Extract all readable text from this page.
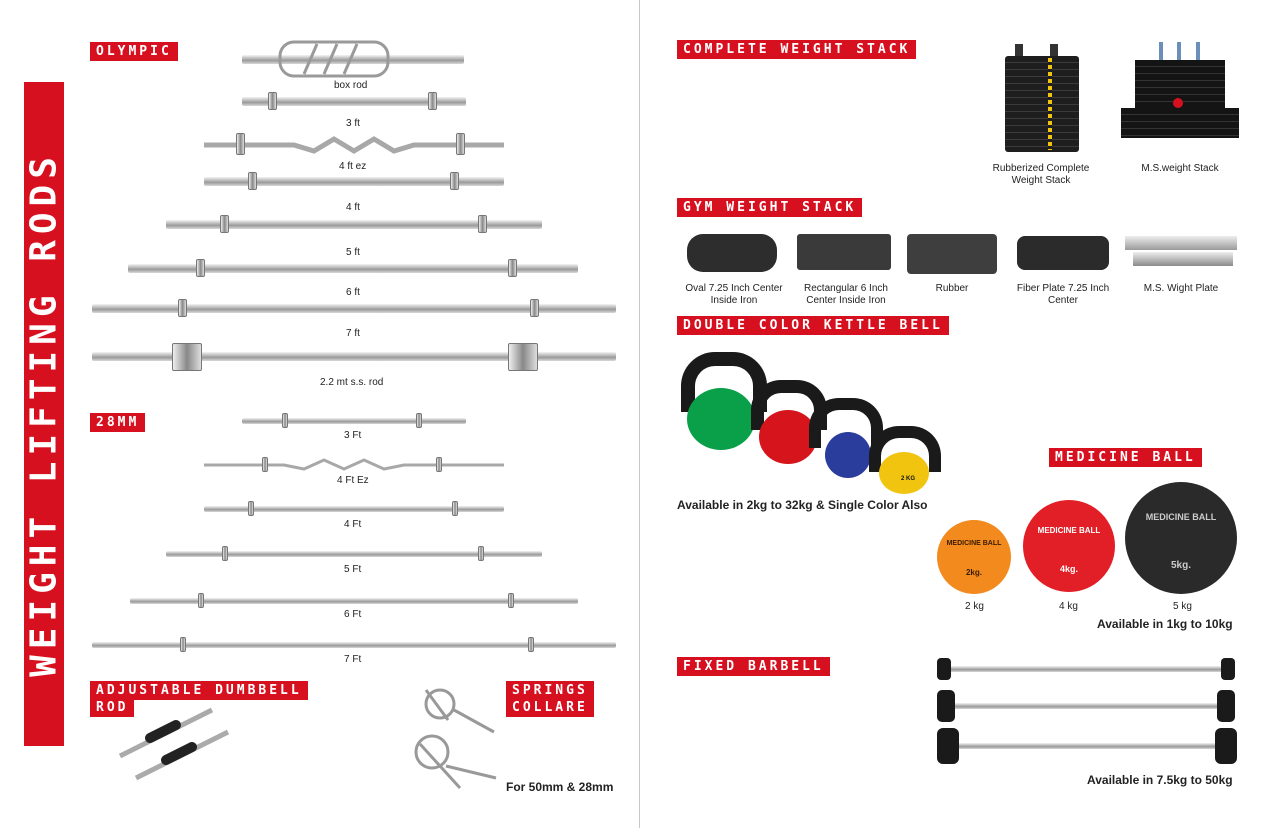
WEIGHT LIFTING RODS
OLYMPIC
box rod
3 ft
4 ft ez
4 ft
5 ft
6 ft
7 ft
2.2 mt s.s. rod
28MM
3 Ft
4 Ft Ez
4 Ft
5 Ft
6 Ft
7 Ft
ADJUSTABLE DUMBBELL
ROD
SPRINGS
COLLARE
For 50mm & 28mm
COMPLETE WEIGHT STACK
Rubberized Complete
Weight Stack
M.S.weight Stack
GYM WEIGHT STACK
Oval 7.25 Inch Center
Inside Iron
Rectangular 6 Inch
Center Inside Iron
Rubber	Fiber Plate 7.25 Inch
Center
M.S. Wight Plate
DOUBLE COLOR KETTLE BELL
2 KG
Available in 2kg to 32kg & Single Color Also
MEDICINE BALL
MEDICINE BALL
2kg.
2 kg
MEDICINE BALL
4kg.
4 kg
MEDICINE BALL
5kg.
5 kg
Available in 1kg to 10kg
FIXED BARBELL
Available in 7.5kg to 50kg
